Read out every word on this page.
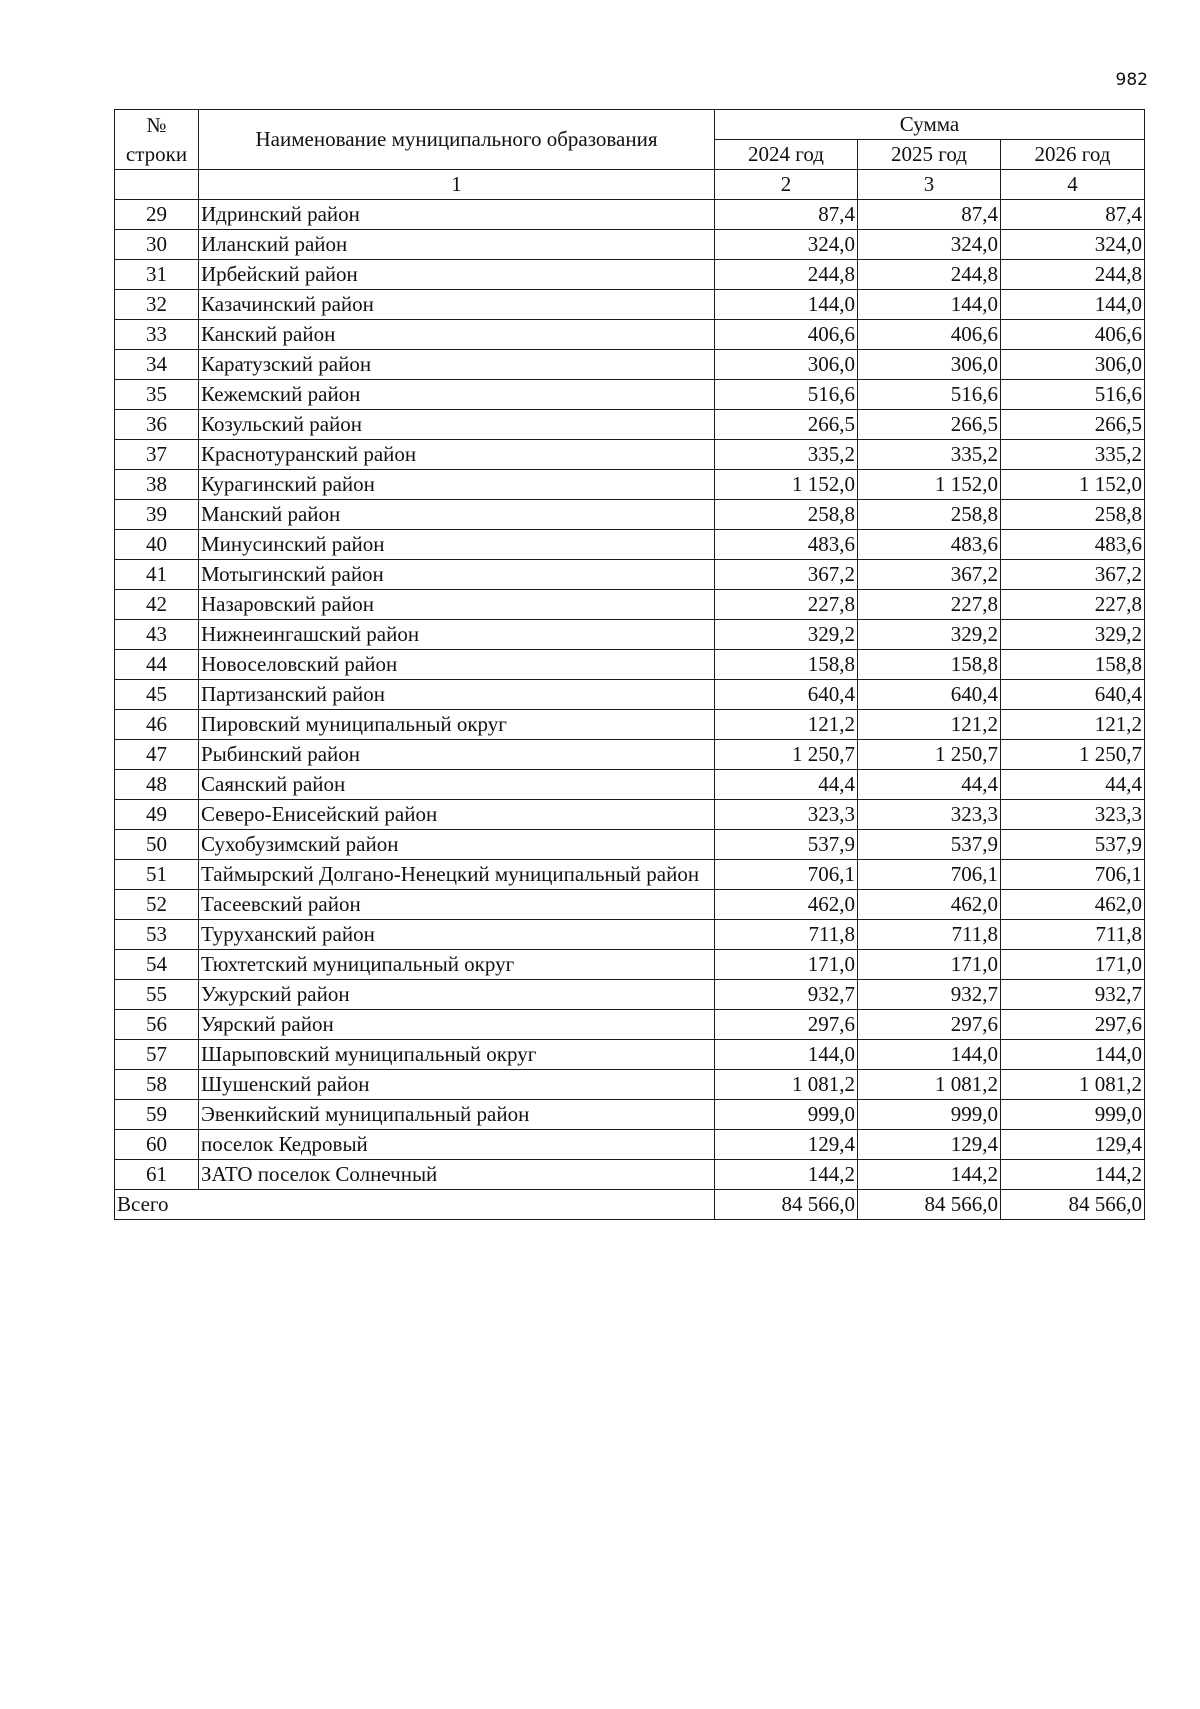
982
№
строки	Наименование муниципального образования	Сумма		
		2024 год	2025 год	2026 год
	1	2	3	4
29	Идринский район	87,4	87,4	87,4
30	Иланский район	324,0	324,0	324,0
31	Ирбейский район	244,8	244,8	244,8
32	Казачинский район	144,0	144,0	144,0
33	Канский район	406,6	406,6	406,6
34	Каратузский район	306,0	306,0	306,0
35	Кежемский район	516,6	516,6	516,6
36	Козульский район	266,5	266,5	266,5
37	Краснотуранский район	335,2	335,2	335,2
38	Курагинский район	1 152,0	1 152,0	1 152,0
39	Манский район	258,8	258,8	258,8
40	Минусинский район	483,6	483,6	483,6
41	Мотыгинский район	367,2	367,2	367,2
42	Назаровский район	227,8	227,8	227,8
43	Нижнеингашский район	329,2	329,2	329,2
44	Новоселовский район	158,8	158,8	158,8
45	Партизанский район	640,4	640,4	640,4
46	Пировский муниципальный округ	121,2	121,2	121,2
47	Рыбинский район	1 250,7	1 250,7	1 250,7
48	Саянский район	44,4	44,4	44,4
49	Северо-Енисейский район	323,3	323,3	323,3
50	Сухобузимский район	537,9	537,9	537,9
51	Таймырский Долгано-Ненецкий муниципальный район	706,1	706,1	706,1
52	Тасеевский район	462,0	462,0	462,0
53	Туруханский район	711,8	711,8	711,8
54	Тюхтетский муниципальный округ	171,0	171,0	171,0
55	Ужурский район	932,7	932,7	932,7
56	Уярский район	297,6	297,6	297,6
57	Шарыповский муниципальный округ	144,0	144,0	144,0
58	Шушенский район	1 081,2	1 081,2	1 081,2
59	Эвенкийский муниципальный район	999,0	999,0	999,0
60	поселок Кедровый	129,4	129,4	129,4
61	ЗАТО поселок Солнечный	144,2	144,2	144,2
Всего		84 566,0	84 566,0	84 566,0
